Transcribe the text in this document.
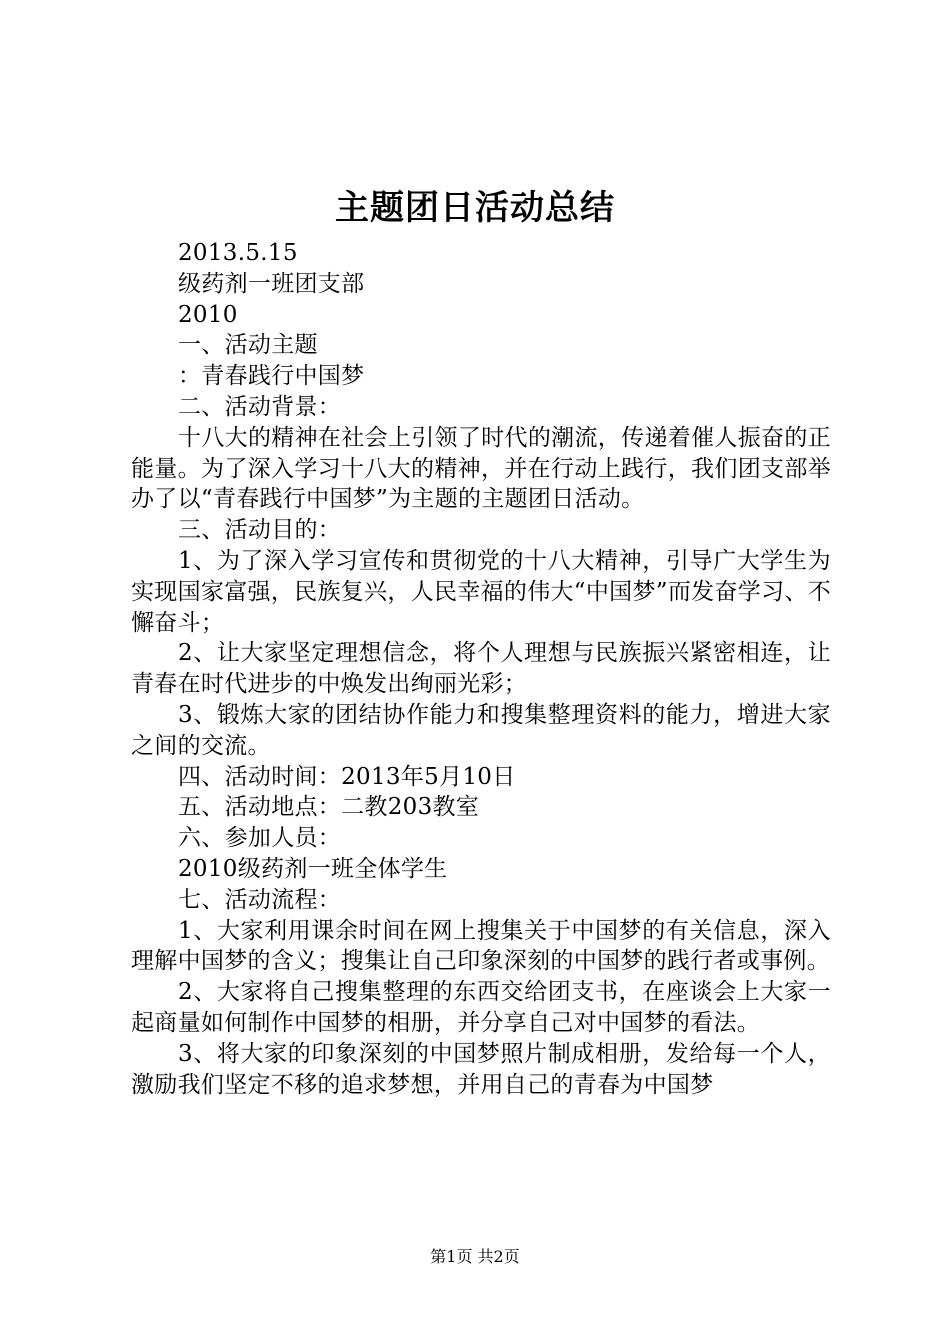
主题团日活动总结

2013.5.15

级药剂一班团支部

2010

一、活动主题

：青春践行中国梦

二、活动背景：

十八大的精神在社会上引领了时代的潮流，传递着催人振奋的正能量。为了深入学习十八大的精神，并在行动上践行，我们团支部举办了以“青春践行中国梦”为主题的主题团日活动。

三、活动目的：

1、为了深入学习宣传和贯彻党的十八大精神，引导广大学生为实现国家富强，民族复兴，人民幸福的伟大“中国梦”而发奋学习、不懈奋斗；

2、让大家坚定理想信念，将个人理想与民族振兴紧密相连，让青春在时代进步的中焕发出绚丽光彩；

3、锻炼大家的团结协作能力和搜集整理资料的能力，增进大家之间的交流。

四、活动时间：2013年5月10日

五、活动地点：二教203教室

六、参加人员：

2010级药剂一班全体学生

七、活动流程：

1、大家利用课余时间在网上搜集关于中国梦的有关信息，深入理解中国梦的含义；搜集让自己印象深刻的中国梦的践行者或事例。

2、大家将自己搜集整理的东西交给团支书，在座谈会上大家一起商量如何制作中国梦的相册，并分享自己对中国梦的看法。

3、将大家的印象深刻的中国梦照片制成相册，发给每一个人，激励我们坚定不移的追求梦想，并用自己的青春为中国梦

第1页 共2页
